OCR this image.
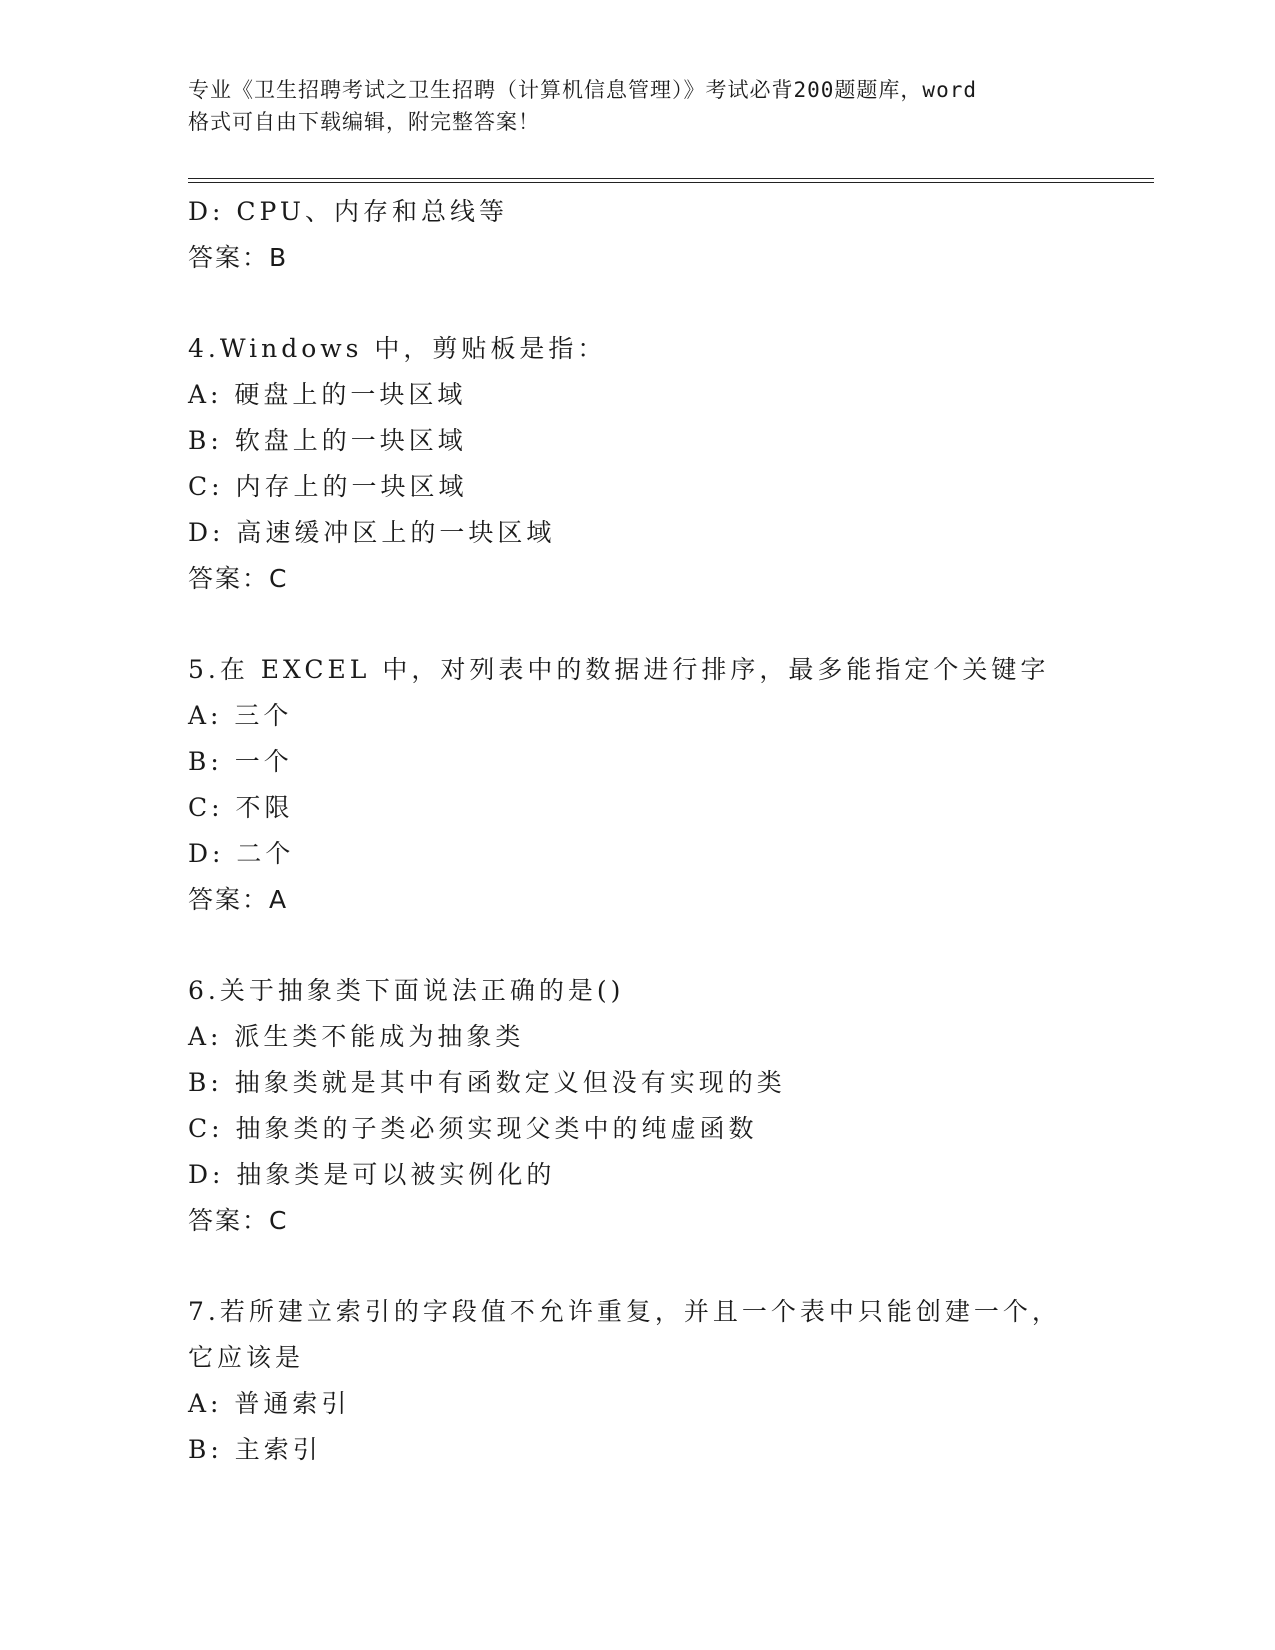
专业《卫生招聘考试之卫生招聘（计算机信息管理）》考试必背200题题库，word
格式可自由下载编辑，附完整答案！
D: CPU、内存和总线等
答案：B
4.Windows 中，剪贴板是指：
A: 硬盘上的一块区域
B: 软盘上的一块区域
C: 内存上的一块区域
D: 高速缓冲区上的一块区域
答案：C
5.在 EXCEL 中，对列表中的数据进行排序，最多能指定个关键字
A: 三个
B: 一个
C: 不限
D: 二个
答案：A
6.关于抽象类下面说法正确的是()
A: 派生类不能成为抽象类
B: 抽象类就是其中有函数定义但没有实现的类
C: 抽象类的子类必须实现父类中的纯虚函数
D: 抽象类是可以被实例化的
答案：C
7.若所建立索引的字段值不允许重复，并且一个表中只能创建一个，
它应该是
A: 普通索引
B: 主索引
